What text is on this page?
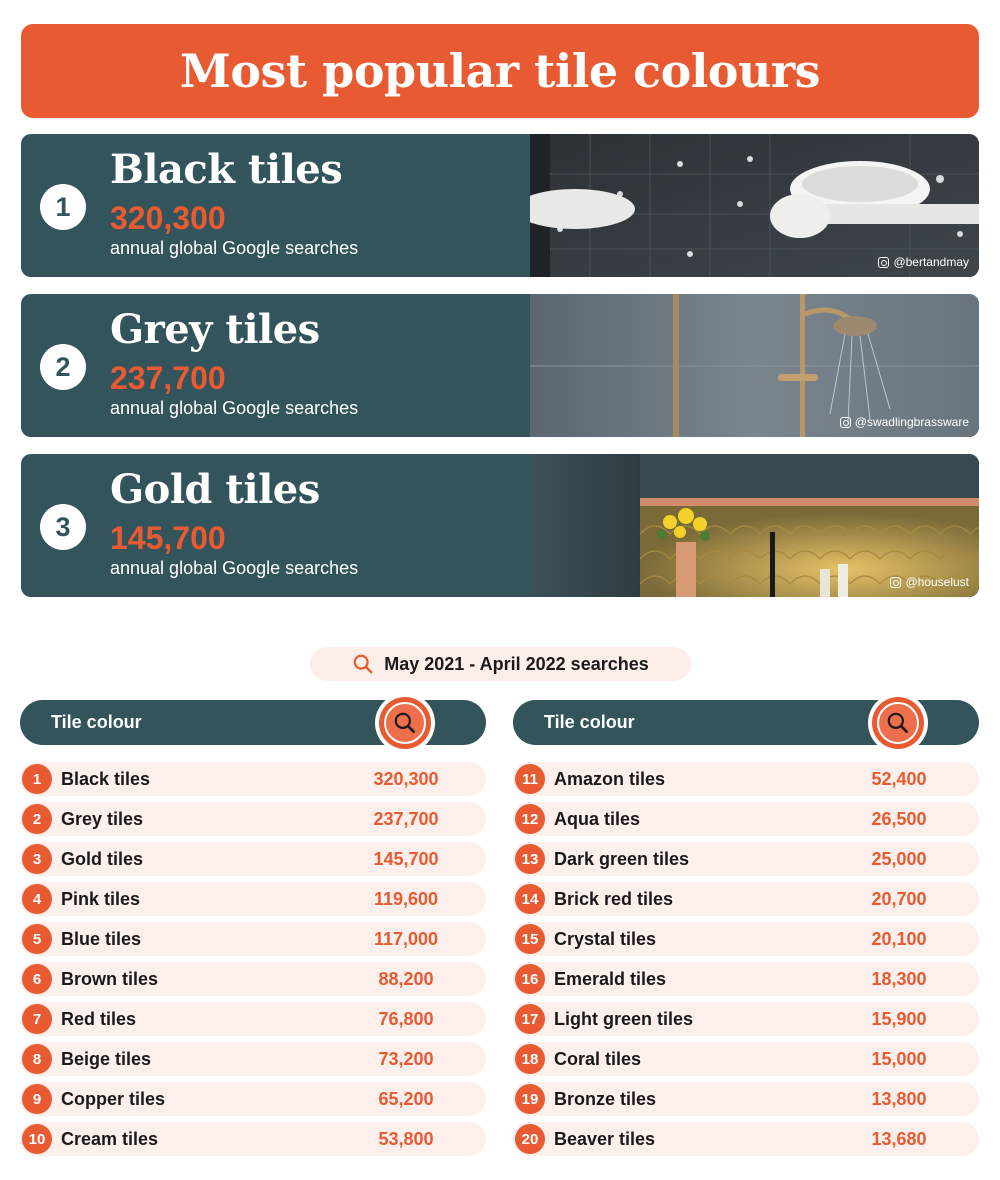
Most popular tile colours
1
Black tiles
320,300
annual global Google searches
@bertandmay
2
Grey tiles
237,700
annual global Google searches
@swadlingbrassware
3
Gold tiles
145,700
annual global Google searches
@houselust
May 2021 - April 2022 searches
Tile colour
1	Black tiles	320,300
2	Grey tiles	237,700
3	Gold tiles	145,700
4	Pink tiles	119,600
5	Blue tiles	117,000
6	Brown tiles	88,200
7	Red tiles	76,800
8	Beige tiles	73,200
9	Copper tiles	65,200
10 Cream tiles	53,800
Tile colour
11 Amazon tiles	52,400
12 Aqua tiles	26,500
13 Dark green tiles	25,000
14 Brick red tiles	20,700
15 Crystal tiles	20,100
16 Emerald tiles	18,300
17 Light green tiles	15,900
18 Coral tiles	15,000
19 Bronze tiles	13,800
20 Beaver tiles	13,680
